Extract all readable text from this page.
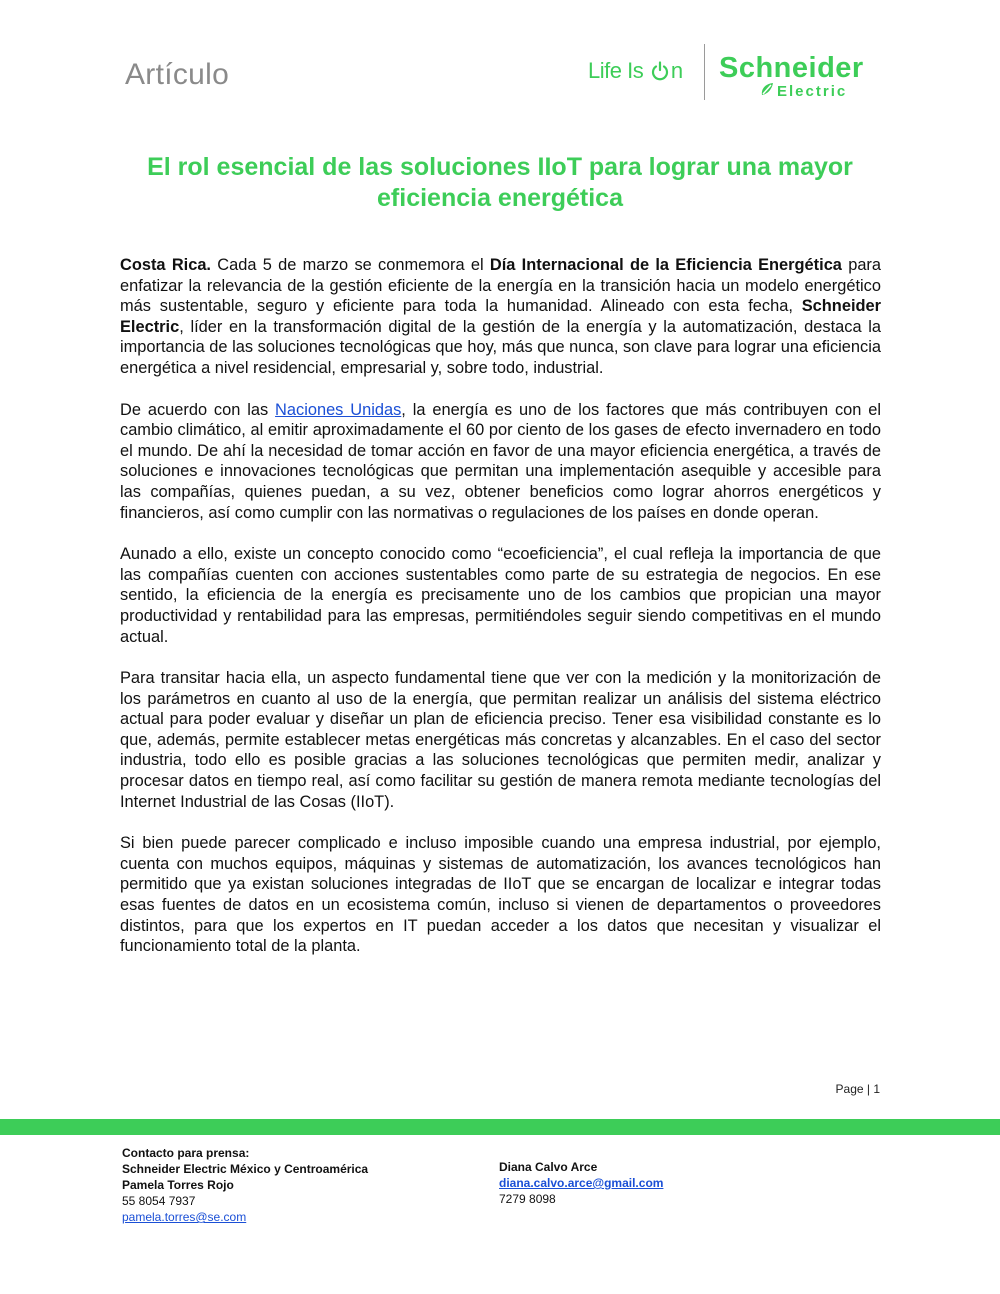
Artículo	Life Is n Schneider
Electric
El rol esencial de las soluciones IIoT para lograr una mayor eficiencia energética

Costa Rica. Cada 5 de marzo se conmemora el Día Internacional de la Eficiencia Energética para enfatizar la relevancia de la gestión eficiente de la energía en la transición hacia un modelo energético más sustentable, seguro y eficiente para toda la humanidad. Alineado con esta fecha, Schneider Electric, líder en la transformación digital de la gestión de la energía y la automatización, destaca la importancia de las soluciones tecnológicas que hoy, más que nunca, son clave para lograr una eficiencia energética a nivel residencial, empresarial y, sobre todo, industrial.

De acuerdo con las Naciones Unidas, la energía es uno de los factores que más contribuyen con el cambio climático, al emitir aproximadamente el 60 por ciento de los gases de efecto invernadero en todo el mundo. De ahí la necesidad de tomar acción en favor de una mayor eficiencia energética, a través de soluciones e innovaciones tecnológicas que permitan una implementación asequible y accesible para las compañías, quienes puedan, a su vez, obtener beneficios como lograr ahorros energéticos y financieros, así como cumplir con las normativas o regulaciones de los países en donde operan.

Aunado a ello, existe un concepto conocido como “ecoeficiencia”, el cual refleja la importancia de que las compañías cuenten con acciones sustentables como parte de su estrategia de negocios. En ese sentido, la eficiencia de la energía es precisamente uno de los cambios que propician una mayor productividad y rentabilidad para las empresas, permitiéndoles seguir siendo competitivas en el mundo actual.

Para transitar hacia ella, un aspecto fundamental tiene que ver con la medición y la monitorización de los parámetros en cuanto al uso de la energía, que permitan realizar un análisis del sistema eléctrico actual para poder evaluar y diseñar un plan de eficiencia preciso. Tener esa visibilidad constante es lo que, además, permite establecer metas energéticas más concretas y alcanzables. En el caso del sector industria, todo ello es posible gracias a las soluciones tecnológicas que permiten medir, analizar y procesar datos en tiempo real, así como facilitar su gestión de manera remota mediante tecnologías del Internet Industrial de las Cosas (IIoT).

Si bien puede parecer complicado e incluso imposible cuando una empresa industrial, por ejemplo, cuenta con muchos equipos, máquinas y sistemas de automatización, los avances tecnológicos han permitido que ya existan soluciones integradas de IIoT que se encargan de localizar e integrar todas esas fuentes de datos en un ecosistema común, incluso si vienen de departamentos o proveedores distintos, para que los expertos en IT puedan acceder a los datos que necesitan y visualizar el funcionamiento total de la planta.

Page | 1
Contacto para prensa:
Schneider Electric México y Centroamérica
Pamela Torres Rojo
55 8054 7937
pamela.torres@se.com
Diana Calvo Arce
diana.calvo.arce@gmail.com
7279 8098
